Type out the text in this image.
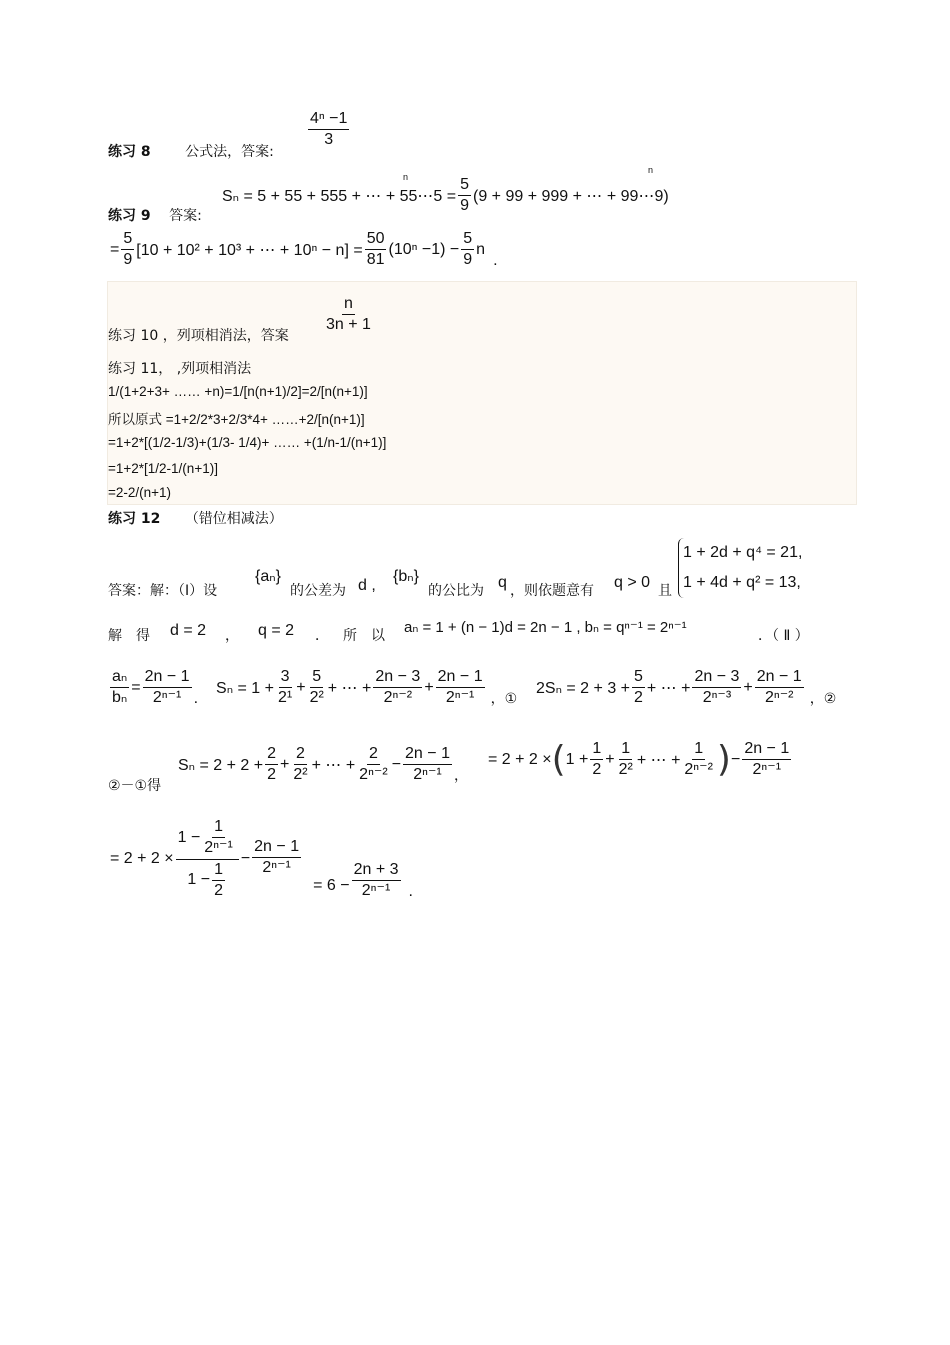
练习 8 公式法，答案:
$\frac{\text{4ⁿ −1}}{3}$
练习 9 答案:
Sₙ = 5 + 55 + 555 + ⋯ + 55⋯5 = $\frac{5}{9} (9 + 99 + 999$ + ⋯ + 99⋯9)
n
n
= $\frac{5}{9} [10 + 10^2 + 10^3$ + ⋯ + $10^n - n] = \frac{50}{81} (10^n -1) - \frac{5}{9}$ n
.
练习 10 ，列项相消法，答案
$\frac{n}{3n + 1}$
练习 11， ,列项相消法
1/(1+2+3+ …… +n)=1/[n(n+1)/2]=2/[n(n+1)]
所以原式 =1+2/2*3+2/3*4+ ……+2/[n(n+1)]
=1+2*[(1/2-1/3)+(1/3- 1/4)+ …… +(1/n-1/(n+1)]
=1+2*[1/2-1/(n+1)]
=2-2/(n+1)
练习 12 （错位相减法）
答案：解：（Ⅰ）设
{aₙ}
的公差为 d ,
{bₙ}
的公比为 q ，则依题意有 q > 0 且
1 + 2d + q⁴ = 21,
1 + 4d + q² = 13,
解　得 d = 2 ， q = 2 ． 所　以 aₙ = 1 + (n − 1)d = 2n − 1 , bₙ = qⁿ⁻¹ = 2ⁿ⁻¹	．（ Ⅱ ）
$\frac{\text{aₙ}}{\text{bₙ}} = \frac{2n - 1}{\text{2ⁿ⁻¹}}$ .
$S_n = 1 + \frac{3}{\text{2¹}} + \frac{5}{\text{2²}}$ + ⋯ + $\frac{2n - 3}{\text{2ⁿ⁻²}} + \frac{2n - 1}{\text{2ⁿ⁻¹}}$ ，①
$2S_n = 2 + 3 + \frac{5}{2}$ + ⋯ + $\frac{2n - 3}{\text{2ⁿ⁻³}} + \frac{2n - 1}{\text{2ⁿ⁻²}}$ ，②
②－①得
$S_n = 2 + 2 + \frac{2}{2} + \frac{2}{\text{2²}}$ + ⋯ + $\frac{2}{\text{2ⁿ⁻²}} - \frac{2n - 1}{\text{2ⁿ⁻¹}}$ ，
= 2 + 2 × ( $1 + \frac{1}{2} + \frac{1}{\text{2²}}$ + ⋯ + $\frac{1}{\text{2ⁿ⁻²}}$ ) − $\frac{2n - 1}{\text{2ⁿ⁻¹}}$
= $2 + 2 \times \frac{1 - \frac{1}{\text{2ⁿ⁻¹}}}{1 - \frac{1}{2}} - \frac{2n - 1}{\text{2ⁿ⁻¹}}$
= $6 - \frac{2n + 3}{\text{2ⁿ⁻¹}}$ .
